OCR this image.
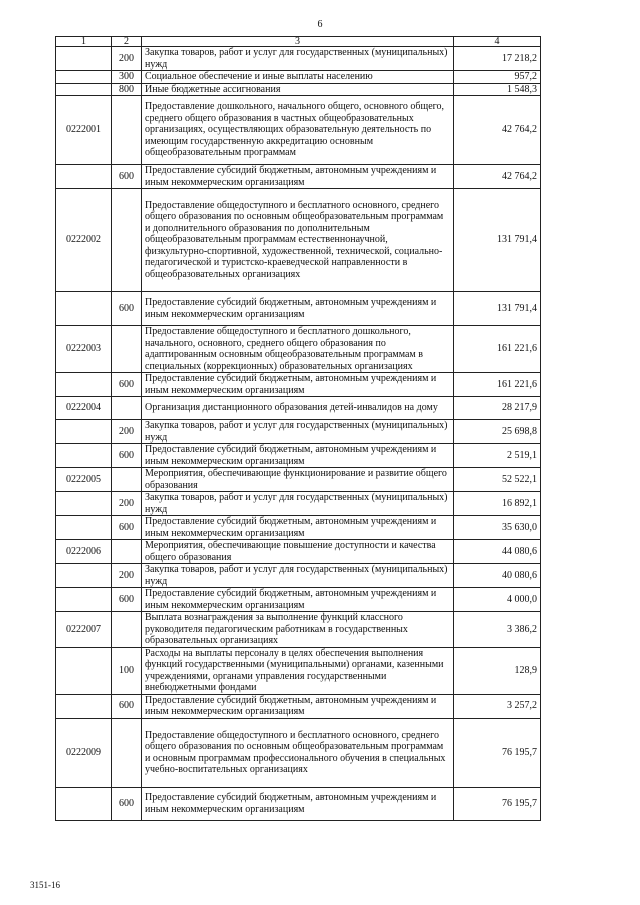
6
1	2	3	4
	200	Закупка товаров, работ и услуг для государственных (муниципальных) нужд	17 218,2
	300	Социальное обеспечение и иные выплаты населению	957,2
	800	Иные бюджетные ассигнования	1 548,3
0222001		Предоставление дошкольного, начального общего, основного общего, среднего общего образования в частных общеобразовательных организациях, осуществляющих образовательную деятельность по имеющим государственную аккредитацию основным общеобразовательным программам	42 764,2
	600	Предоставление субсидий бюджетным, автономным учреждениям и иным некоммерческим организациям	42 764,2
0222002		Предоставление общедоступного и бесплатного основного, среднего общего образования по основным общеобразовательным программам и дополнительного образования по дополнительным общеобразовательным программам естественнонаучной, физкультурно-спортивной, художественной, технической, социально-педагогической и туристско-краеведческой направленности в общеобразовательных организациях	131 791,4
	600	Предоставление субсидий бюджетным, автономным учреждениям и иным некоммерческим организациям	131 791,4
0222003		Предоставление общедоступного и бесплатного дошкольного, начального, основного, среднего общего образования по адаптированным основным общеобразовательным программам в специальных (коррекционных) образовательных организациях	161 221,6
	600	Предоставление субсидий бюджетным, автономным учреждениям и иным некоммерческим организациям	161 221,6
0222004		Организация дистанционного образования детей-инвалидов на дому	28 217,9
	200	Закупка товаров, работ и услуг для государственных (муниципальных) нужд	25 698,8
	600	Предоставление субсидий бюджетным, автономным учреждениям и иным некоммерческим организациям	2 519,1
0222005		Мероприятия, обеспечивающие функционирование и развитие общего образования	52 522,1
	200	Закупка товаров, работ и услуг для государственных (муниципальных) нужд	16 892,1
	600	Предоставление субсидий бюджетным, автономным учреждениям и иным некоммерческим организациям	35 630,0
0222006		Мероприятия, обеспечивающие повышение доступности и качества общего образования	44 080,6
	200	Закупка товаров, работ и услуг для государственных (муниципальных) нужд	40 080,6
	600	Предоставление субсидий бюджетным, автономным учреждениям и иным некоммерческим организациям	4 000,0
0222007		Выплата вознаграждения за выполнение функций классного руководителя педагогическим работникам в государственных образовательных организациях	3 386,2
	100	Расходы на выплаты персоналу в целях обеспечения выполнения функций государственными (муниципальными) органами, казенными учреждениями, органами управления государственными внебюджетными фондами	128,9
	600	Предоставление субсидий бюджетным, автономным учреждениям и иным некоммерческим организациям	3 257,2
0222009		Предоставление общедоступного и бесплатного основного, среднего общего образования по основным общеобразовательным программам и основным программам профессионального обучения в специальных учебно-воспитательных организациях	76 195,7
	600	Предоставление субсидий бюджетным, автономным учреждениям и иным некоммерческим организациям	76 195,7
3151-16
